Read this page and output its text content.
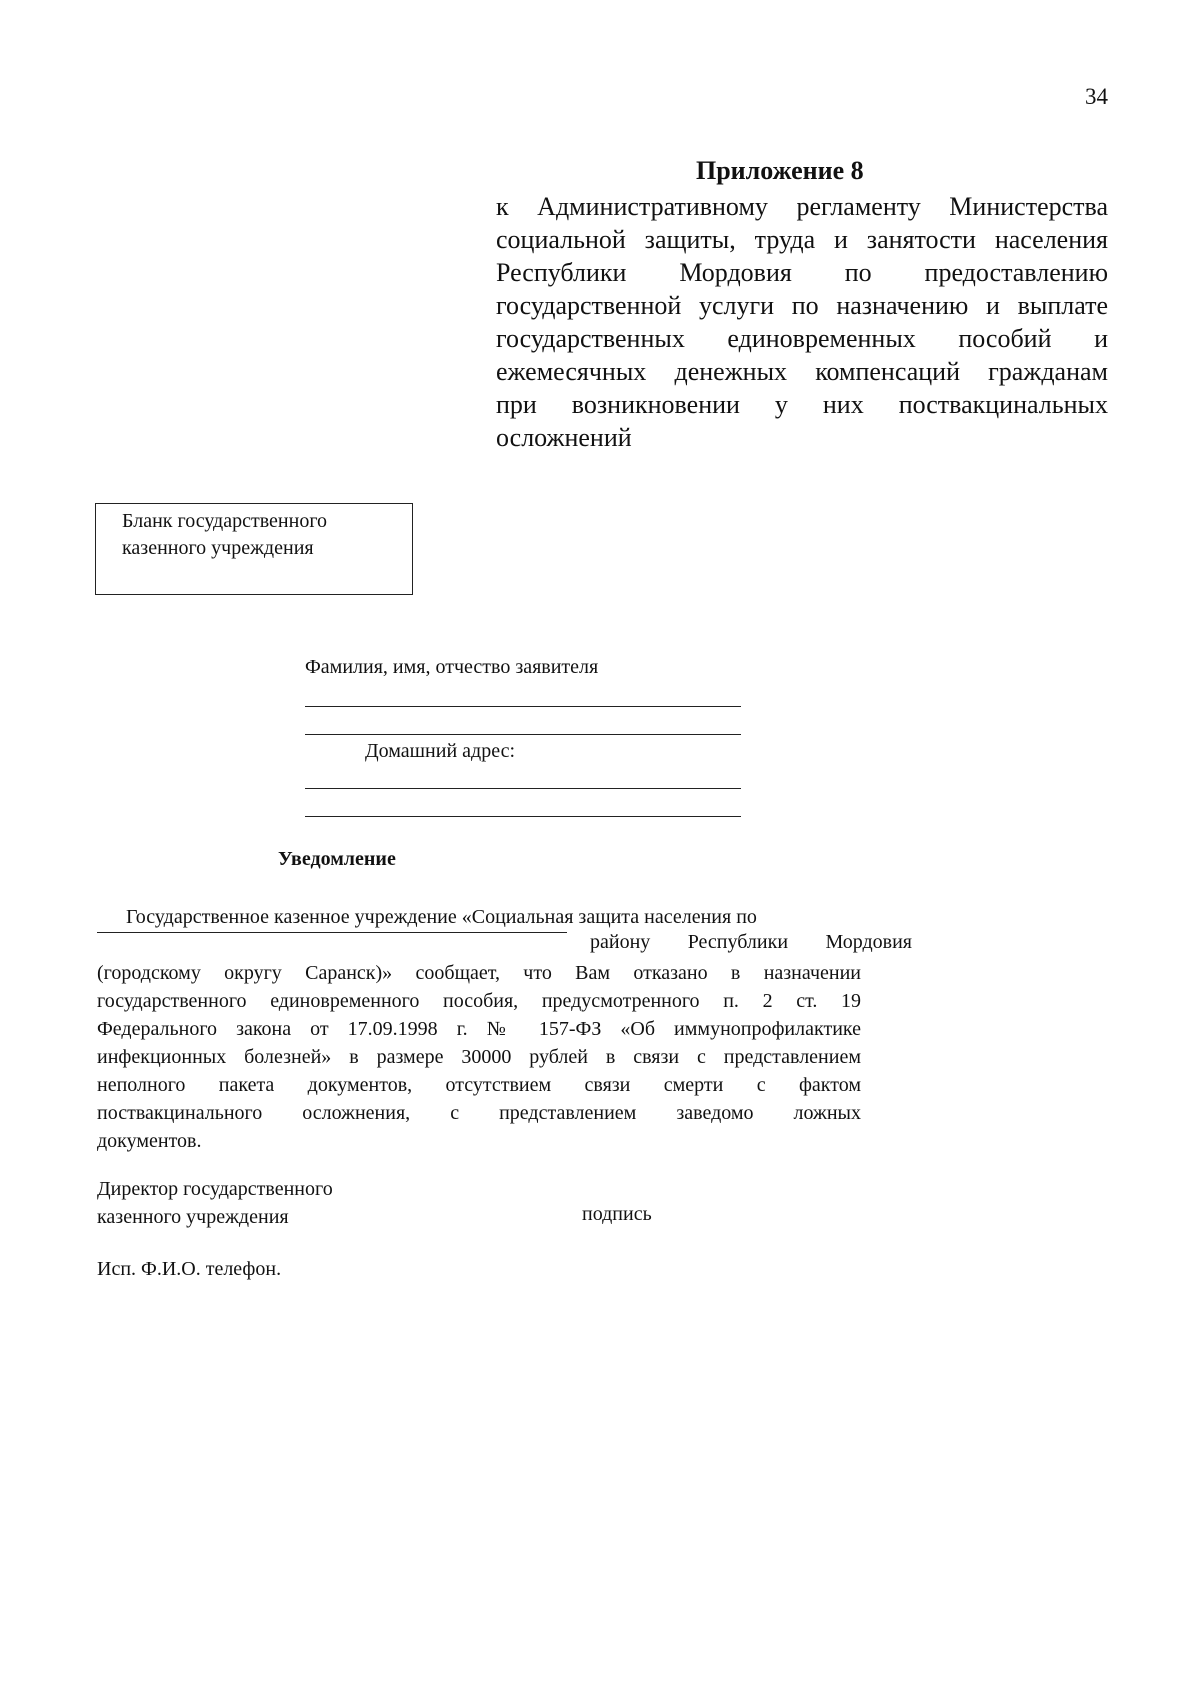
34
Приложение 8
к Административному регламенту Министерства
социальной защиты, труда и занятости населения
Республики Мордовия по предоставлению
государственной услуги по назначению и выплате
государственных единовременных пособий и
ежемесячных денежных компенсаций гражданам
при возникновении у них поствакцинальных
осложнений
Бланк государственного
казенного учреждения
Фамилия, имя, отчество заявителя
Домашний адрес:
Уведомление
Государственное казенное учреждение «Социальная защита населения по
району Республики Мордовия
(городскому округу Саранск)» сообщает, что Вам отказано в назначении
государственного единовременного пособия, предусмотренного п. 2 ст. 19
Федерального закона от 17.09.1998 г. № 157-ФЗ «Об иммунопрофилактике
инфекционных болезней» в размере 30000 рублей в связи с представлением
неполного пакета документов, отсутствием связи смерти с фактом
поствакцинального осложнения, с представлением заведомо ложных
документов.
Директор государственного
казенного учреждения	подпись
Исп. Ф.И.О. телефон.
